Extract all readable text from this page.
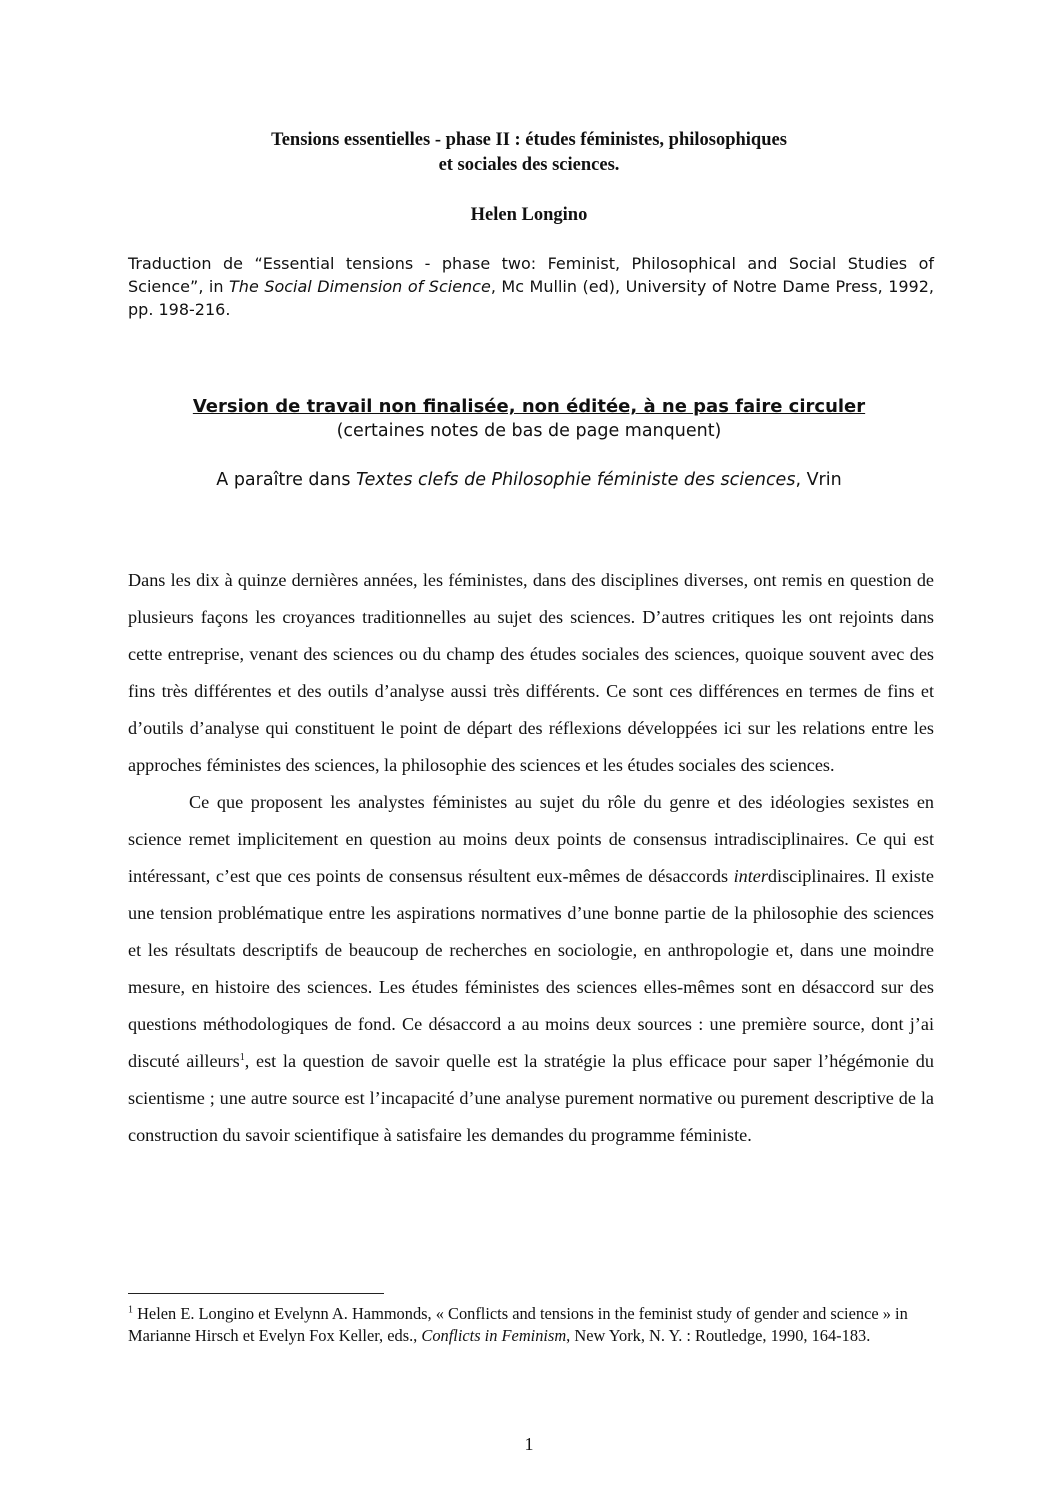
Tensions essentielles - phase II : études féministes, philosophiques
et sociales des sciences.
Helen Longino
Traduction de “Essential tensions - phase two: Feminist, Philosophical and Social Studies of Science”, in The Social Dimension of Science, Mc Mullin (ed), University of Notre Dame Press, 1992, pp. 198-216.
Version de travail non finalisée, non éditée, à ne pas faire circuler
(certaines notes de bas de page manquent)
A paraître dans Textes clefs de Philosophie féministe des sciences, Vrin

Dans les dix à quinze dernières années, les féministes, dans des disciplines diverses, ont remis en question de plusieurs façons les croyances traditionnelles au sujet des sciences. D’autres critiques les ont rejoints dans cette entreprise, venant des sciences ou du champ des études sociales des sciences, quoique souvent avec des fins très différentes et des outils d’analyse aussi très différents. Ce sont ces différences en termes de fins et d’outils d’analyse qui constituent le point de départ des réflexions développées ici sur les relations entre les approches féministes des sciences, la philosophie des sciences et les études sociales des sciences.

Ce que proposent les analystes féministes au sujet du rôle du genre et des idéologies sexistes en science remet implicitement en question au moins deux points de consensus intradisciplinaires. Ce qui est intéressant, c’est que ces points de consensus résultent eux-mêmes de désaccords interdisciplinaires. Il existe une tension problématique entre les aspirations normatives d’une bonne partie de la philosophie des sciences et les résultats descriptifs de beaucoup de recherches en sociologie, en anthropologie et, dans une moindre mesure, en histoire des sciences. Les études féministes des sciences elles-mêmes sont en désaccord sur des questions méthodologiques de fond. Ce désaccord a au moins deux sources : une première source, dont j’ai discuté ailleurs$^1$, est la question de savoir quelle est la stratégie la plus efficace pour saper l’hégémonie du scientisme ; une autre source est l’incapacité d’une analyse purement normative ou purement descriptive de la construction du savoir scientifique à satisfaire les demandes du programme féministe.

$^1$ Helen E. Longino et Evelynn A. Hammonds, « Conflicts and tensions in the feminist study of gender and science » in Marianne Hirsch et Evelyn Fox Keller, eds., Conflicts in Feminism, New York, N. Y. : Routledge, 1990, 164-183.
1
